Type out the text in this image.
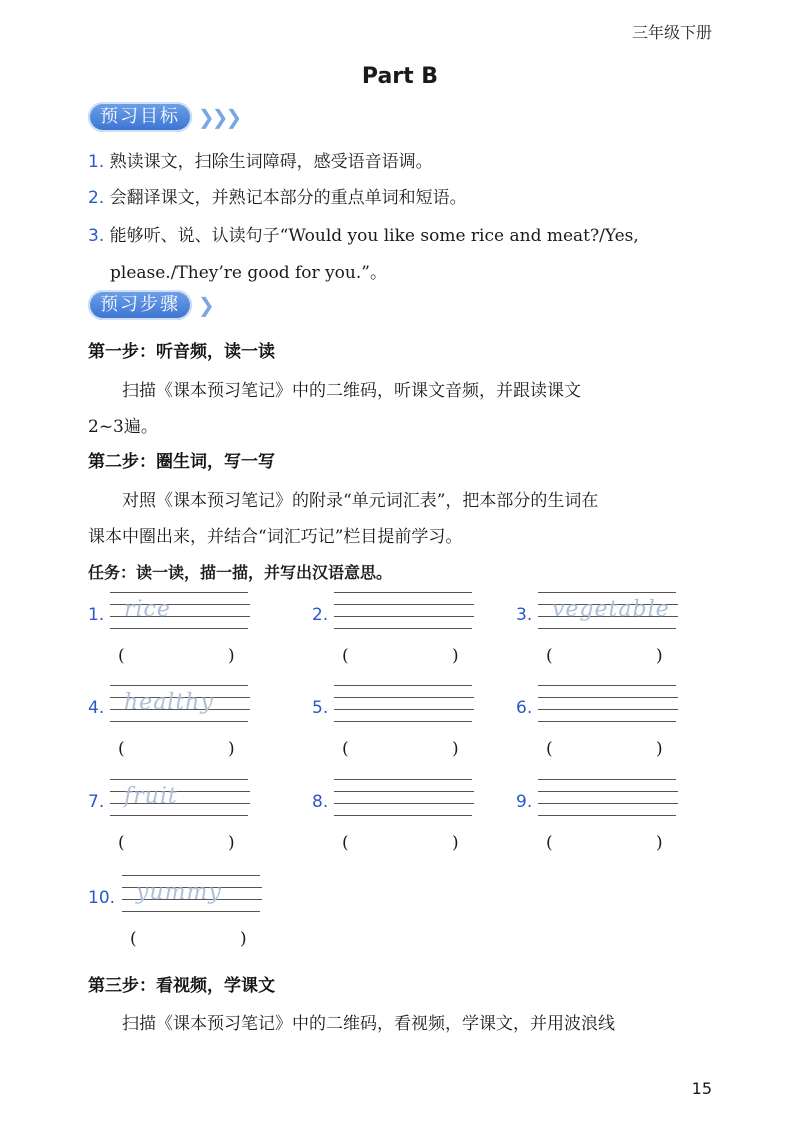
三年级下册
Part B
预习目标 ❯❯❯
1. 熟读课文，扫除生词障碍，感受语音语调。
2. 会翻译课文，并熟记本部分的重点单词和短语。
3. 能够听、说、认读句子“Would you like some rice and meat?/Yes,
please./They’re good for you.”。
预习步骤 ❯
第一步：听音频，读一读
扫描《课本预习笔记》中的二维码，听课文音频，并跟读课文
2~3遍。
第二步：圈生词，写一写
对照《课本预习笔记》的附录“单元词汇表”，把本部分的生词在
课本中圈出来，并结合“词汇巧记”栏目提前学习。
任务：读一读，描一描，并写出汉语意思。
1. rice
(	)
2.
(	)
3. vegetable
(	)
4. healthy
(	)
5.
(	)
6.
(	)
7. fruit
(	)
8.
(	)
9.
(	)
10. yummy
(	)
第三步：看视频，学课文
扫描《课本预习笔记》中的二维码，看视频，学课文，并用波浪线
15
